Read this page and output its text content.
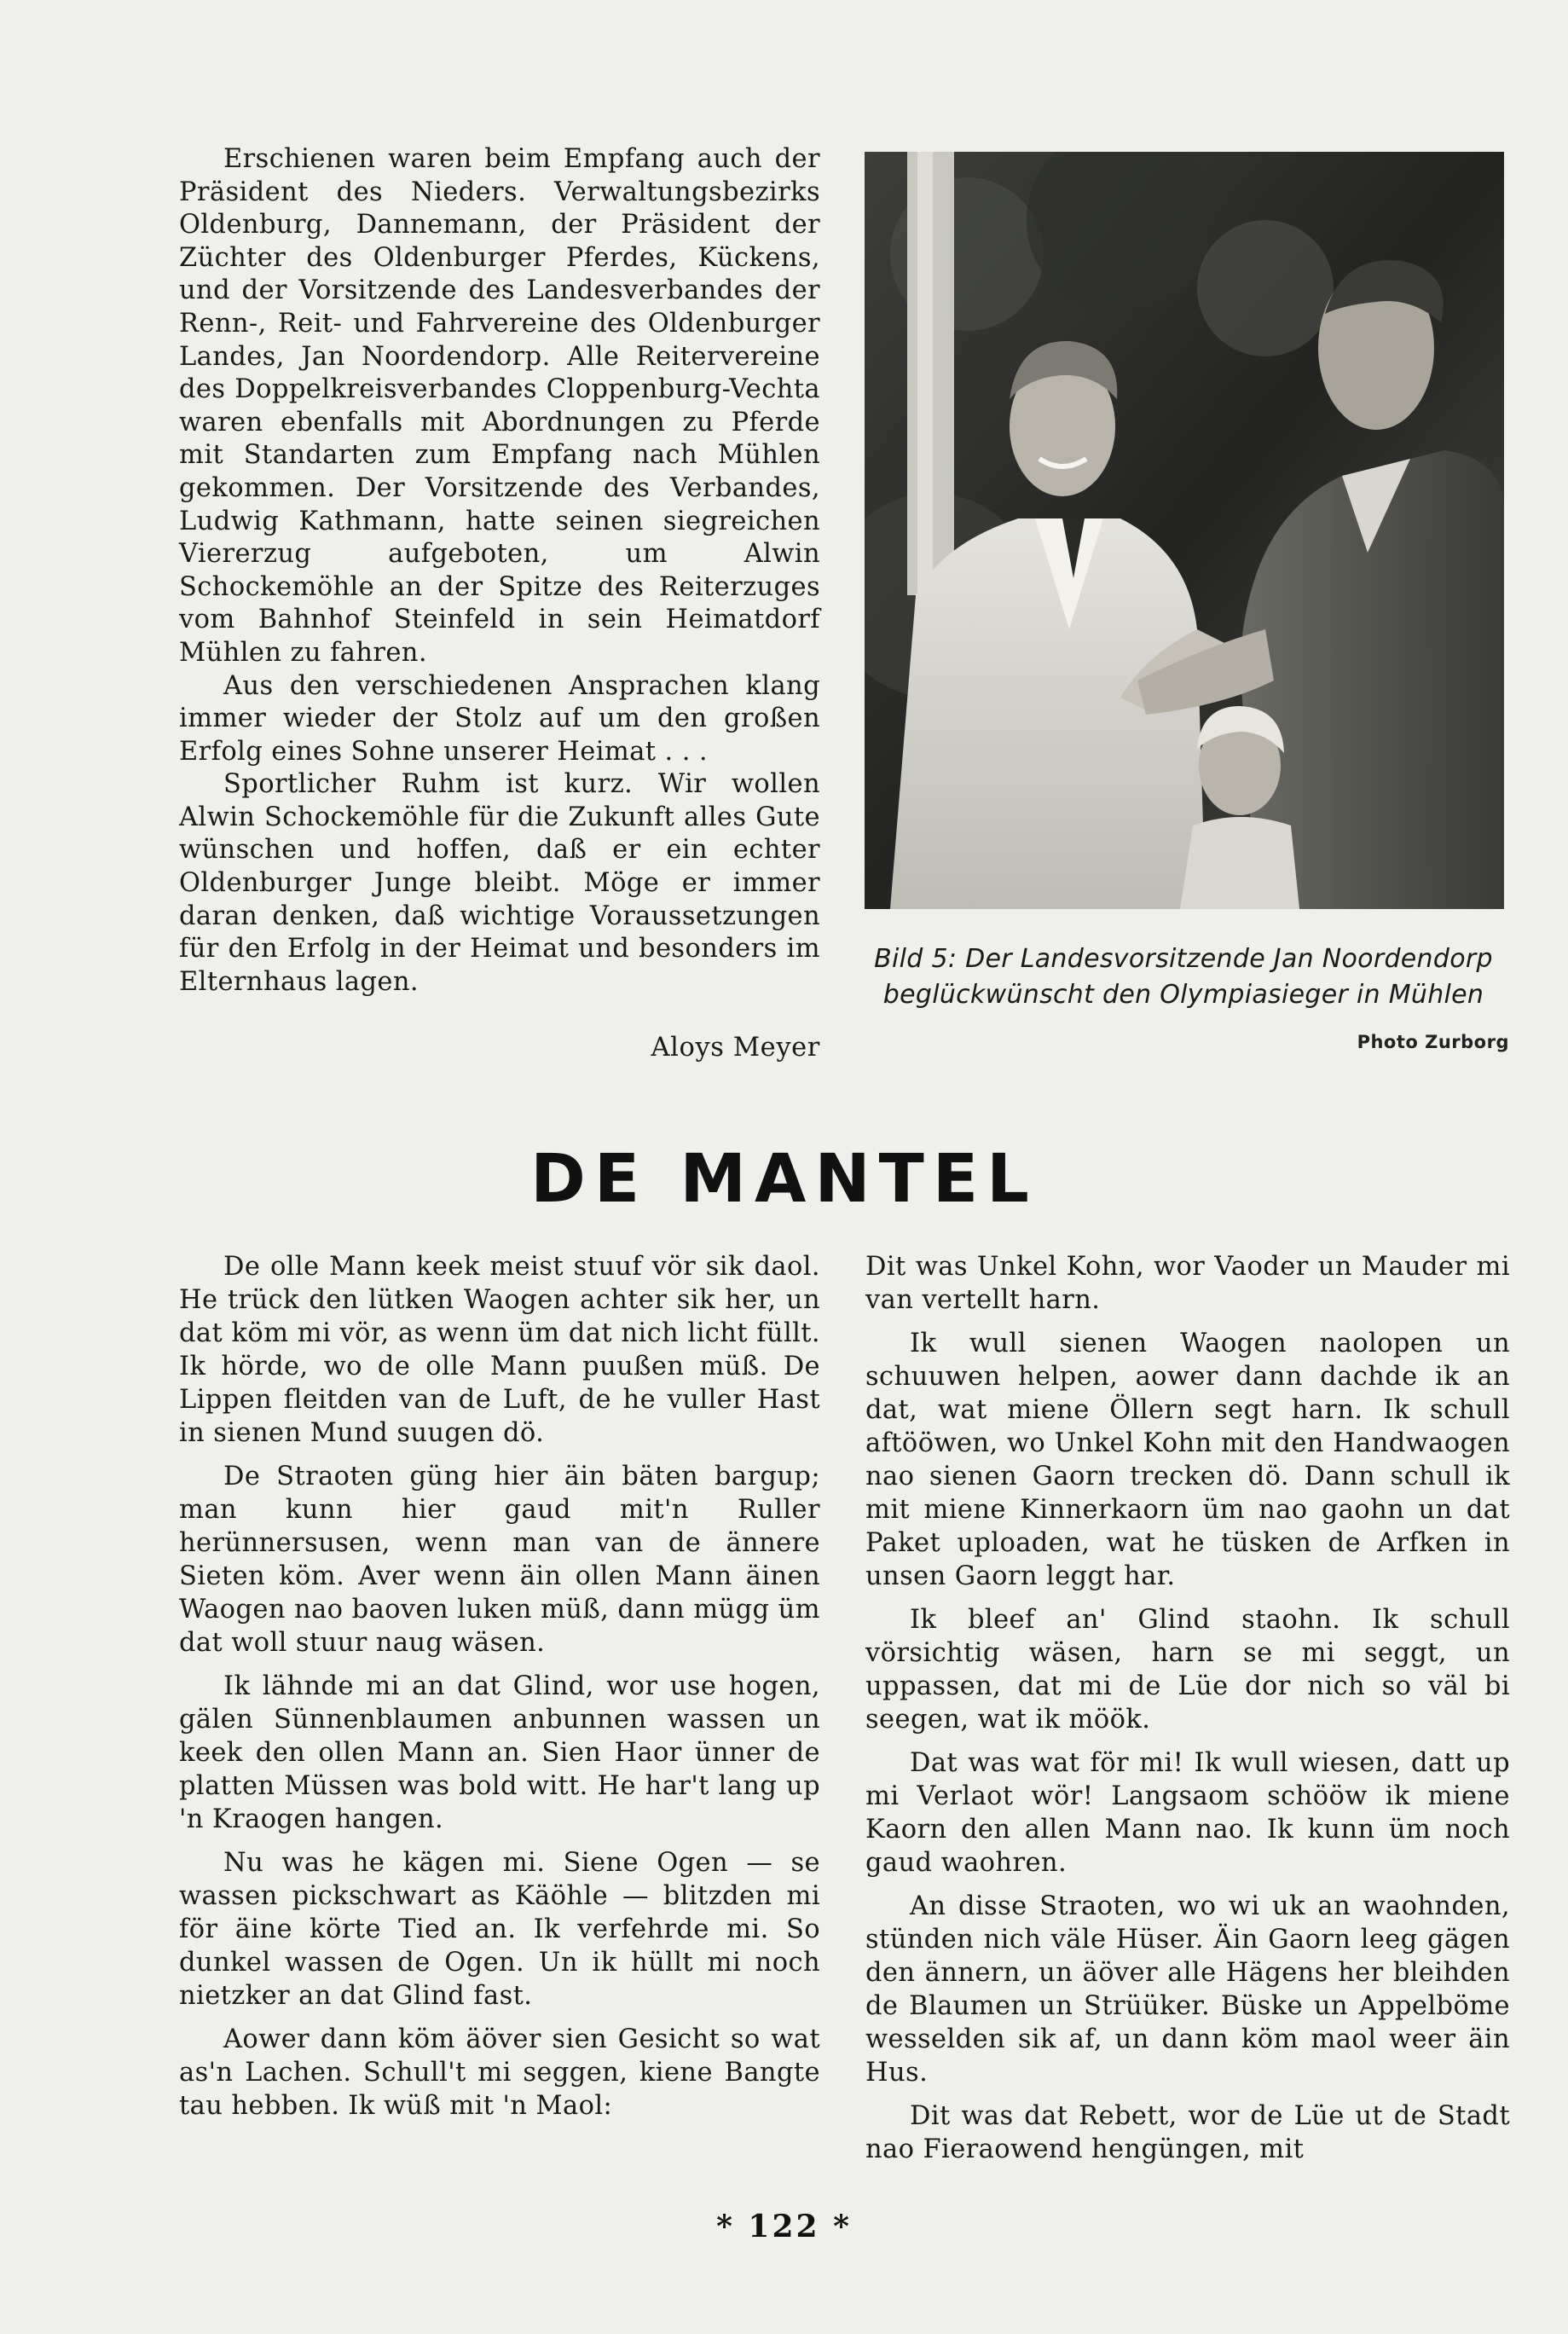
Erschienen waren beim Empfang auch der Präsident des Nieders. Verwaltungsbezirks Oldenburg, Dannemann, der Präsident der Züchter des Oldenburger Pferdes, Kückens, und der Vorsitzende des Landesverbandes der Renn-, Reit- und Fahrvereine des Oldenburger Landes, Jan Noordendorp. Alle Reitervereine des Doppelkreisverbandes Cloppenburg-Vechta waren ebenfalls mit Abordnungen zu Pferde mit Standarten zum Empfang nach Mühlen gekommen. Der Vorsitzende des Verbandes, Ludwig Kathmann, hatte seinen siegreichen Viererzug aufgeboten, um Alwin Schockemöhle an der Spitze des Reiterzuges vom Bahnhof Steinfeld in sein Heimatdorf Mühlen zu fahren.

Aus den verschiedenen Ansprachen klang immer wieder der Stolz auf um den großen Erfolg eines Sohne unserer Heimat . . .

Sportlicher Ruhm ist kurz. Wir wollen Alwin Schockemöhle für die Zukunft alles Gute wünschen und hoffen, daß er ein echter Oldenburger Junge bleibt. Möge er immer daran denken, daß wichtige Voraussetzungen für den Erfolg in der Heimat und besonders im Elternhaus lagen.

Aloys Meyer
Bild 5: Der Landesvorsitzende Jan Noordendorp
beglückwünscht den Olympiasieger in Mühlen
Photo Zurborg
DE MANTEL

De olle Mann keek meist stuuf vör sik daol. He trück den lütken Waogen achter sik her, un dat köm mi vör, as wenn üm dat nich licht füllt. Ik hörde, wo de olle Mann puußen müß. De Lippen fleitden van de Luft, de he vuller Hast in sienen Mund suugen dö.

De Straoten güng hier äin bäten bargup; man kunn hier gaud mit'n Ruller herünnersusen, wenn man van de ännere Sieten köm. Aver wenn äin ollen Mann äinen Waogen nao baoven luken müß, dann mügg üm dat woll stuur naug wäsen.

Ik lähnde mi an dat Glind, wor use hogen, gälen Sünnenblaumen anbunnen wassen un keek den ollen Mann an. Sien Haor ünner de platten Müssen was bold witt. He har't lang up 'n Kraogen hangen.

Nu was he kägen mi. Siene Ogen — se wassen pickschwart as Käöhle — blitzden mi för äine körte Tied an. Ik verfehrde mi. So dunkel wassen de Ogen. Un ik hüllt mi noch nietzker an dat Glind fast.

Aower dann köm äöver sien Gesicht so wat as'n Lachen. Schull't mi seggen, kiene Bangte tau hebben. Ik wüß mit 'n Maol:

Dit was Unkel Kohn, wor Vaoder un Mauder mi van vertellt harn.

Ik wull sienen Waogen naolopen un schuuwen helpen, aower dann dachde ik an dat, wat miene Öllern segt harn. Ik schull aftööwen, wo Unkel Kohn mit den Handwaogen nao sienen Gaorn trecken dö. Dann schull ik mit miene Kinnerkaorn üm nao gaohn un dat Paket uploaden, wat he tüsken de Arfken in unsen Gaorn leggt har.

Ik bleef an' Glind staohn. Ik schull vörsichtig wäsen, harn se mi seggt, un uppassen, dat mi de Lüe dor nich so väl bi seegen, wat ik möök.

Dat was wat för mi! Ik wull wiesen, datt up mi Verlaot wör! Langsaom schööw ik miene Kaorn den allen Mann nao. Ik kunn üm noch gaud waohren.

An disse Straoten, wo wi uk an waohnden, stünden nich väle Hüser. Äin Gaorn leeg gägen den ännern, un äöver alle Hägens her bleihden de Blaumen un Strüüker. Büske un Appelböme wesselden sik af, un dann köm maol weer äin Hus.

Dit was dat Rebett, wor de Lüe ut de Stadt nao Fieraowend hengüngen, mit

* 122 *
